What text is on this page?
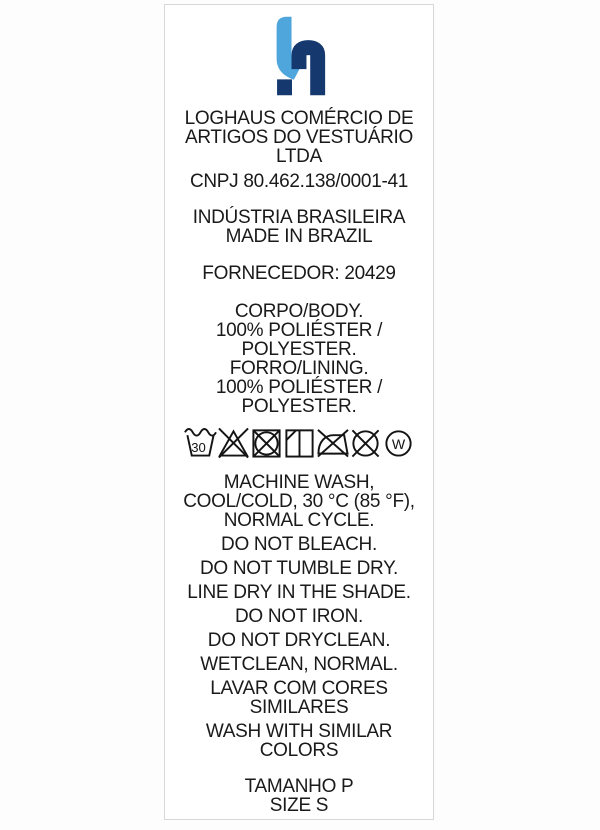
LOGHAUS COMÉRCIO DE
ARTIGOS DO VESTUÁRIO
LTDA
CNPJ 80.462.138/0001-41
INDÚSTRIA BRASILEIRA
MADE IN BRAZIL
FORNECEDOR: 20429
CORPO/BODY.
100% POLIÉSTER /
POLYESTER.
FORRO/LINING.
100% POLIÉSTER /
POLYESTER.
30	W
MACHINE WASH,
COOL/COLD, 30 °C (85 °F),
NORMAL CYCLE.
DO NOT BLEACH.
DO NOT TUMBLE DRY.
LINE DRY IN THE SHADE.
DO NOT IRON.
DO NOT DRYCLEAN.
WETCLEAN, NORMAL.
LAVAR COM CORES
SIMILARES
WASH WITH SIMILAR
COLORS
TAMANHO P
SIZE S
